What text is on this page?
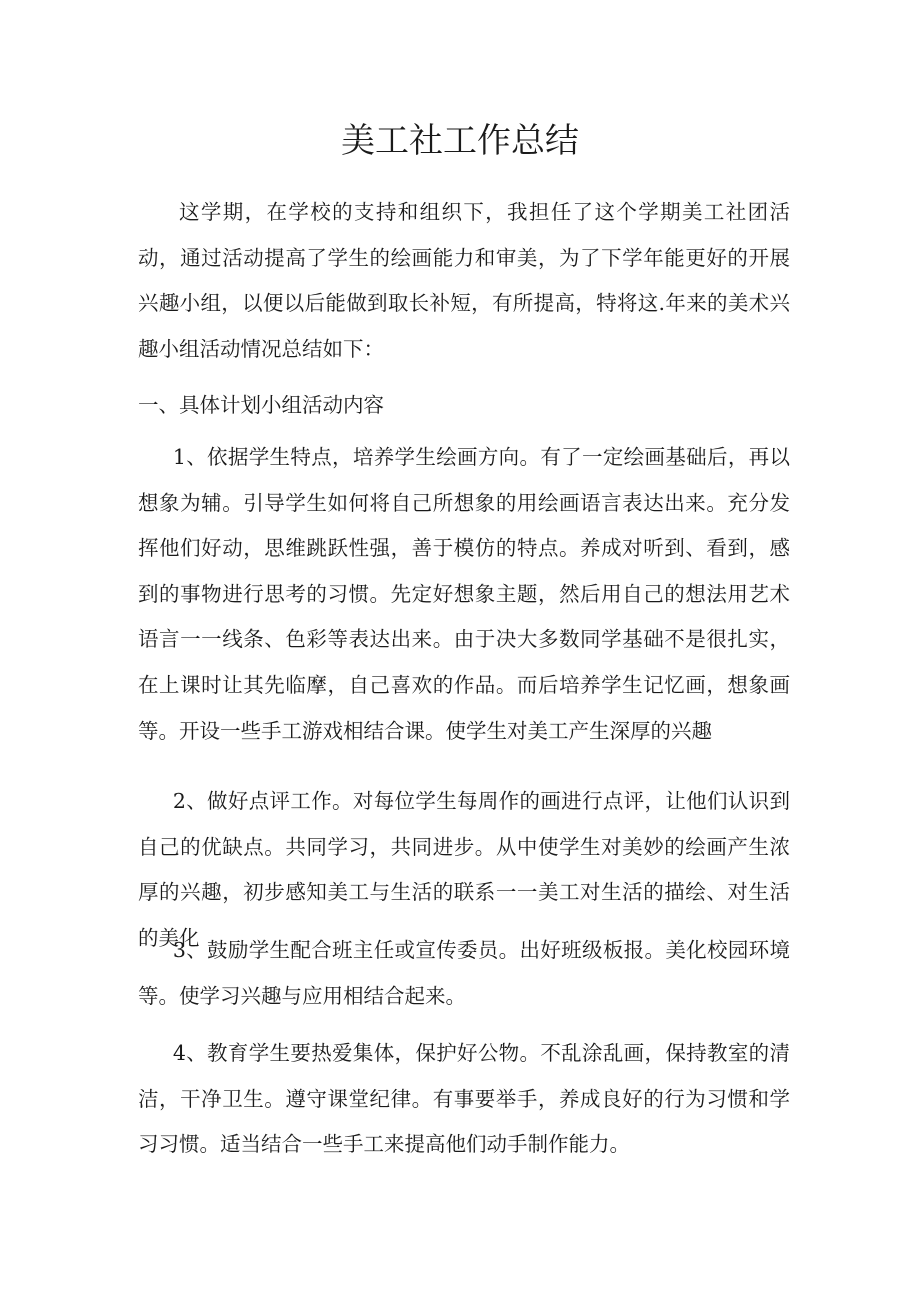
美工社工作总结

这学期，在学校的支持和组织下，我担任了这个学期美工社团活动，通过活动提高了学生的绘画能力和审美，为了下学年能更好的开展兴趣小组，以便以后能做到取长补短，有所提高，特将这.年来的美术兴趣小组活动情况总结如下：

一、具体计划小组活动内容

1、依据学生特点，培养学生绘画方向。有了一定绘画基础后，再以想象为辅。引导学生如何将自己所想象的用绘画语言表达出来。充分发挥他们好动，思维跳跃性强，善于模仿的特点。养成对听到、看到，感到的事物进行思考的习惯。先定好想象主题，然后用自己的想法用艺术语言一一线条、色彩等表达出来。由于决大多数同学基础不是很扎实，在上课时让其先临摩，自己喜欢的作品。而后培养学生记忆画，想象画等。开设一些手工游戏相结合课。使学生对美工产生深厚的兴趣

2、做好点评工作。对每位学生每周作的画进行点评，让他们认识到自己的优缺点。共同学习，共同进步。从中使学生对美妙的绘画产生浓厚的兴趣，初步感知美工与生活的联系一一美工对生活的描绘、对生活的美化

3、鼓励学生配合班主任或宣传委员。出好班级板报。美化校园环境等。使学习兴趣与应用相结合起来。

4、教育学生要热爱集体，保护好公物。不乱涂乱画，保持教室的清洁，干净卫生。遵守课堂纪律。有事要举手，养成良好的行为习惯和学习习惯。适当结合一些手工来提高他们动手制作能力。
